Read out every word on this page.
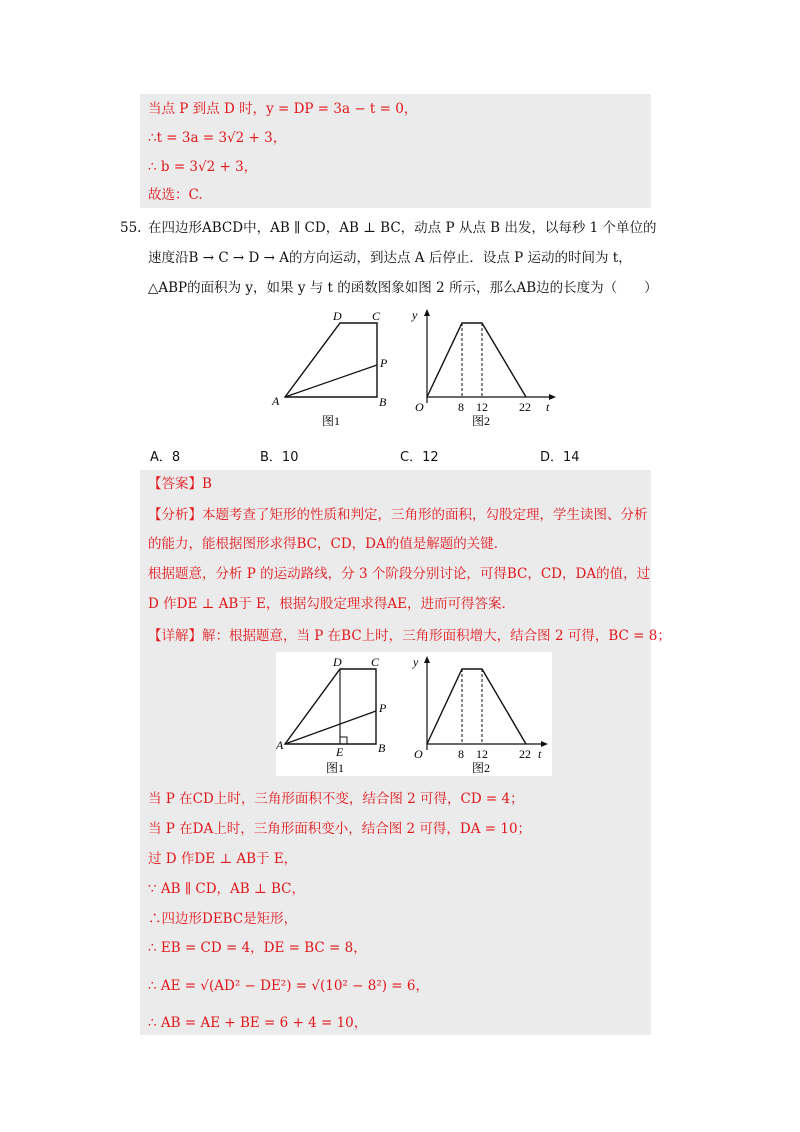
当点 P 到点 D 时，y = DP = 3a − t = 0，
∴t = 3a = 3√2 + 3，
∴ b = 3√2 + 3，
故选：C.
55. 在四边形ABCD中，AB ∥ CD，AB ⊥ BC，动点 P 从点 B 出发，以每秒 1 个单位的
速度沿B → C → D → A的方向运动，到达点 A 后停止．设点 P 运动的时间为 t，
△ABP的面积为 y，如果 y 与 t 的函数图象如图 2 所示，那么AB边的长度为（　　）
D	C
P
A	B
图1
y
O	8 12	22 t
图2
A．8	B．10	C．12	D．14
【答案】B
【分析】本题考查了矩形的性质和判定，三角形的面积，勾股定理，学生读图、分析
的能力，能根据图形求得BC，CD，DA的值是解题的关键．
根据题意，分析 P 的运动路线，分 3 个阶段分别讨论，可得BC，CD，DA的值，过
D 作DE ⊥ AB于 E，根据勾股定理求得AE，进而可得答案．
【详解】解：根据题意，当 P 在BC上时，三角形面积增大，结合图 2 可得，BC = 8；
D C
P
A	B
E
图1
y
O	8 12	22 t
图2
当 P 在CD上时，三角形面积不变，结合图 2 可得，CD = 4；
当 P 在DA上时，三角形面积变小，结合图 2 可得，DA = 10；
过 D 作DE ⊥ AB于 E，
∵ AB ∥ CD，AB ⊥ BC，
∴四边形DEBC是矩形，
∴ EB = CD = 4，DE = BC = 8，
∴ AE = √(AD² − DE²) = √(10² − 8²) = 6，
∴ AB = AE + BE = 6 + 4 = 10，
